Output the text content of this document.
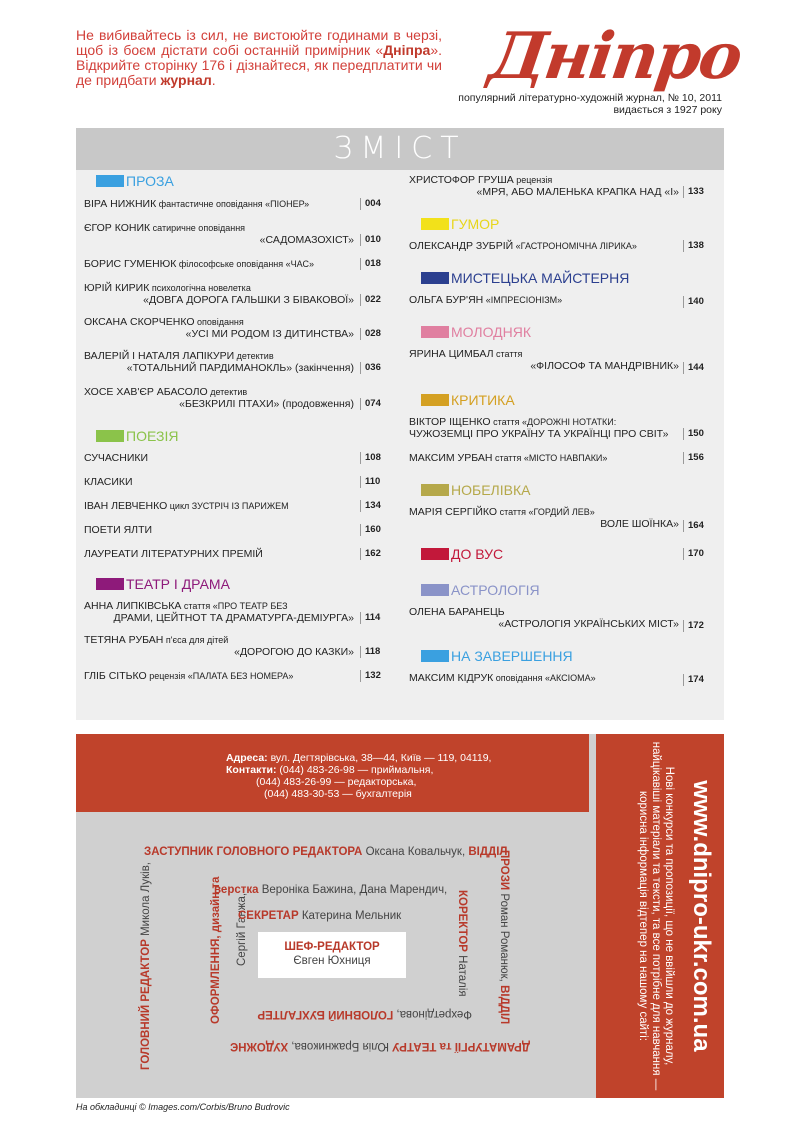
Не вибивайтесь із сил, не вистоюйте годинами в черзі, щоб із боєм дістати собі останній примірник «Дніпра». Відкрийте сторінку 176 і дізнайтеся, як передплатити чи де придбати журнал.	Дніпро
популярний літературно-художній журнал, № 10, 2011
видається з 1927 року
ЗМІСТ
ПРОЗА
ВІРА НИЖНИК фантастичне оповідання «ПІОНЕР»	004
ЄГОР КОНИК сатиричне оповідання
«САДОМАЗОХІСТ»	010
БОРИС ГУМЕНЮК філософське оповідання «ЧАС»	018
ЮРІЙ КИРИК психологічна новелетка
«ДОВГА ДОРОГА ГАЛЬШКИ З БІВАКОВОЇ»	022
ОКСАНА СКОРЧЕНКО оповідання
«УСІ МИ РОДОМ ІЗ ДИТИНСТВА»	028
ВАЛЕРІЙ І НАТАЛЯ ЛАПІКУРИ детектив
«ТОТАЛЬНИЙ ПАРДИМАНОКЛЬ» (закінчення)	036
ХОСЕ ХАВ'ЄР АБАСОЛО детектив
«БЕЗКРИЛІ ПТАХИ» (продовження)	074
ПОЕЗІЯ
СУЧАСНИКИ	108
КЛАСИКИ	110
ІВАН ЛЕВЧЕНКО цикл ЗУСТРІЧ ІЗ ПАРИЖЕМ	134
ПОЕТИ ЯЛТИ	160
ЛАУРЕАТИ ЛІТЕРАТУРНИХ ПРЕМІЙ	162
ТЕАТР І ДРАМА
АННА ЛИПКІВСЬКА стаття «ПРО ТЕАТР БЕЗ
ДРАМИ, ЦЕЙТНОТ ТА ДРАМАТУРГА-ДЕМІУРГА»	114
ТЕТЯНА РУБАН п'єса для дітей
«ДОРОГОЮ ДО КАЗКИ»	118
ГЛІБ СІТЬКО рецензія «ПАЛАТА БЕЗ НОМЕРА»	132
ХРИСТОФОР ГРУША рецензія
«МРЯ, АБО МАЛЕНЬКА КРАПКА НАД «І» 133
ГУМОР
ОЛЕКСАНДР ЗУБРІЙ «ГАСТРОНОМІЧНА ЛІРИКА»	138
МИСТЕЦЬКА МАЙСТЕРНЯ
ОЛЬГА БУР'ЯН «ІМПРЕСІОНІЗМ»	140
МОЛОДНЯК
ЯРИНА ЦИМБАЛ стаття
«ФІЛОСОФ ТА МАНДРІВНИК» 144
КРИТИКА
ВІКТОР ІЩЕНКО стаття «ДОРОЖНІ НОТАТКИ:
ЧУЖОЗЕМЦІ ПРО УКРАЇНУ ТА УКРАЇНЦІ ПРО СВІТ»	150
МАКСИМ УРБАН стаття «МІСТО НАВПАКИ»	156
НОБЕЛІВКА
МАРІЯ СЕРГІЙКО стаття «ГОРДИЙ ЛЕВ»
ВОЛЕ ШОЇНКА» 164
ДО ВУС	170
АСТРОЛОГІЯ
ОЛЕНА БАРАНЕЦЬ
«АСТРОЛОГІЯ УКРАЇНСЬКИХ МІСТ» 172
НА ЗАВЕРШЕННЯ
МАКСИМ КІДРУК оповідання «АКСІОМА»	174
Адреса: вул. Дегтярівська, 38—44, Київ — 119, 04119,
Контакти: (044) 483-26-98 — приймальня,
(044) 483-26-99 — редакторська,
(044) 483-30-53 — бухгалтерія	www.dnipro-ukr.com.ua
Нові конкурси та пропозиції, що не ввійшли до журналу, найцікавіші матеріали та тексти, та все потрібне для навчання — корисна інформація відтепер на нашому сайті:
ЗАСТУПНИК ГОЛОВНОГО РЕДАКТОРА Оксана Ковальчук, ВІДДІЛ
ПРОЗИ Роман Романюк, ВІДДІЛ
ДРАМАТУРГІЇ та ТЕАТРУ Юлія Бражникова, ХУДОЖНЄ
ГОЛОВНИЙ РЕДАКТОР Микола Луків,	верстка Вероніка Бажина, Дана Марендич,
ОФОРМЛЕННЯ, дизайн та Сергій Ганжа,	КОРЕКТОР Наталія
Фехретдінова, ГОЛОВНИЙ БУХГАЛТЕР
СЕКРЕТАР Катерина Мельник
ШЕФ-РЕДАКТОР
Євген Юхниця
На обкладинці © Images.com/Corbis/Bruno Budrovic
